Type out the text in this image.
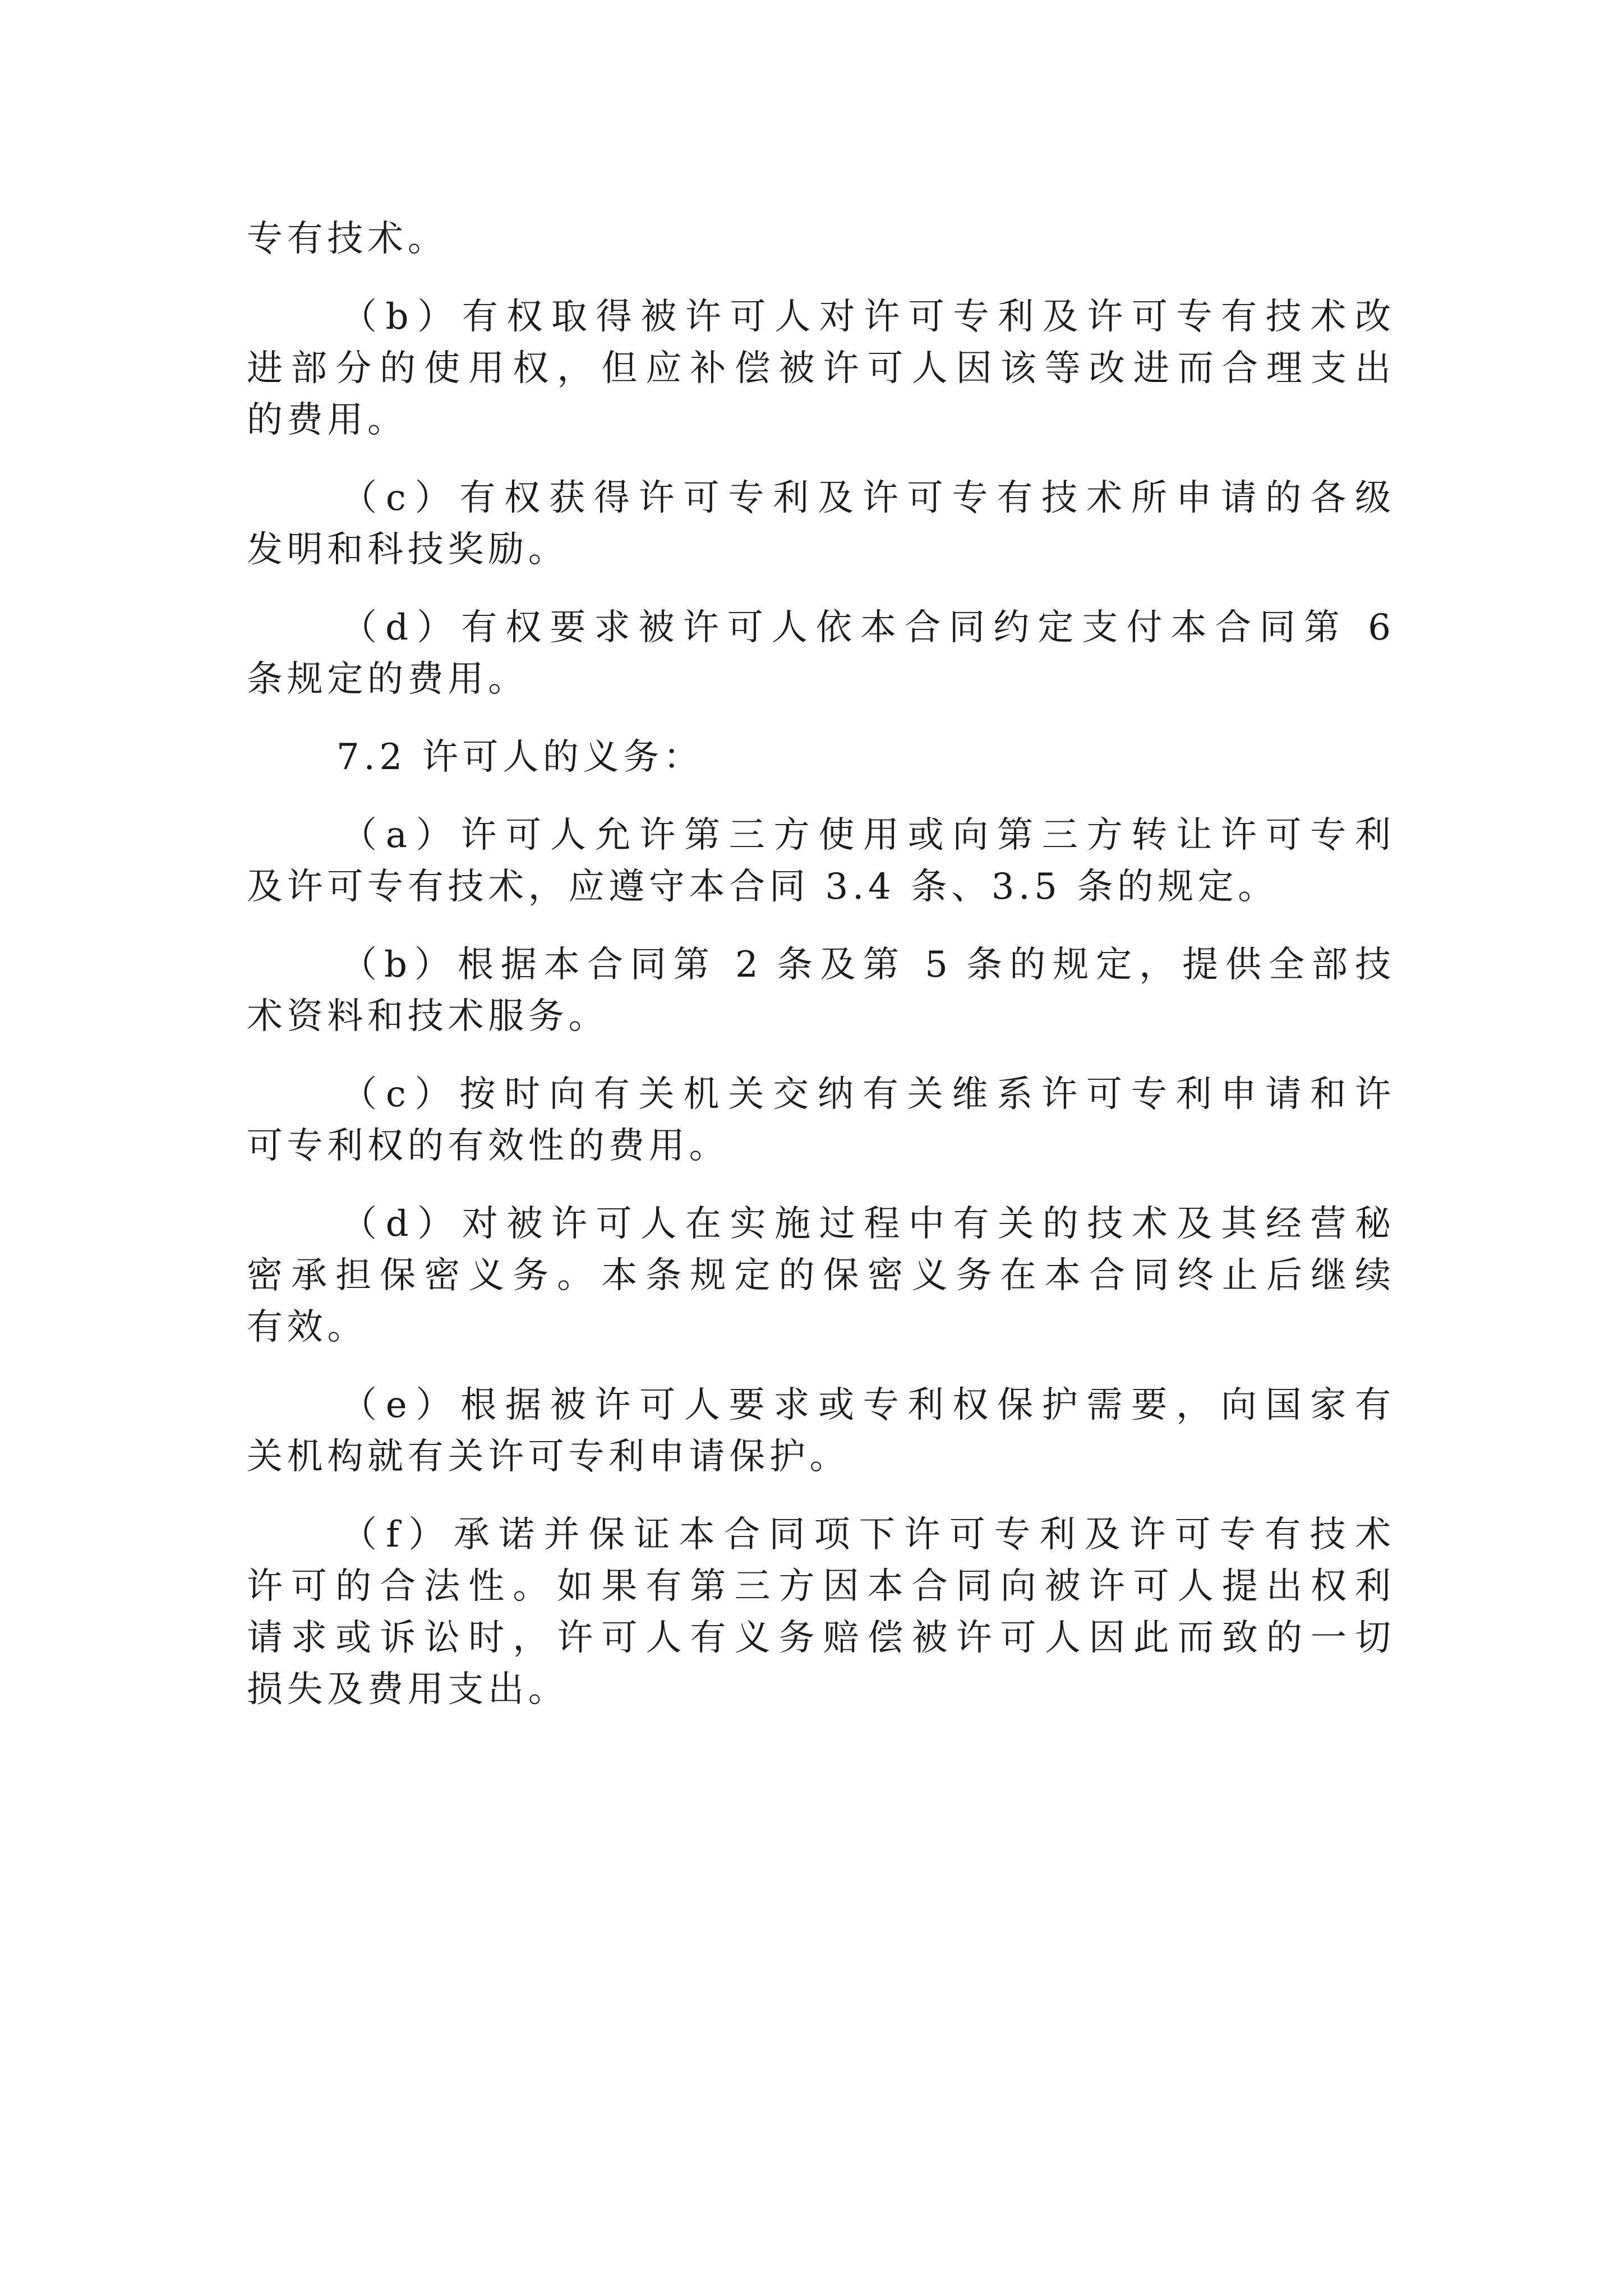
专有技术。
（b）有权取得被许可人对许可专利及许可专有技术改
进部分的使用权，但应补偿被许可人因该等改进而合理支出
的费用。
（c）有权获得许可专利及许可专有技术所申请的各级
发明和科技奖励。
（d）有权要求被许可人依本合同约定支付本合同第 6
条规定的费用。
7.2 许可人的义务：
（a）许可人允许第三方使用或向第三方转让许可专利
及许可专有技术，应遵守本合同 3.4 条、3.5 条的规定。
（b）根据本合同第 2 条及第 5 条的规定，提供全部技
术资料和技术服务。
（c）按时向有关机关交纳有关维系许可专利申请和许
可专利权的有效性的费用。
（d）对被许可人在实施过程中有关的技术及其经营秘
密承担保密义务。本条规定的保密义务在本合同终止后继续
有效。
（e）根据被许可人要求或专利权保护需要，向国家有
关机构就有关许可专利申请保护。
（f）承诺并保证本合同项下许可专利及许可专有技术
许可的合法性。如果有第三方因本合同向被许可人提出权利
请求或诉讼时，许可人有义务赔偿被许可人因此而致的一切
损失及费用支出。
